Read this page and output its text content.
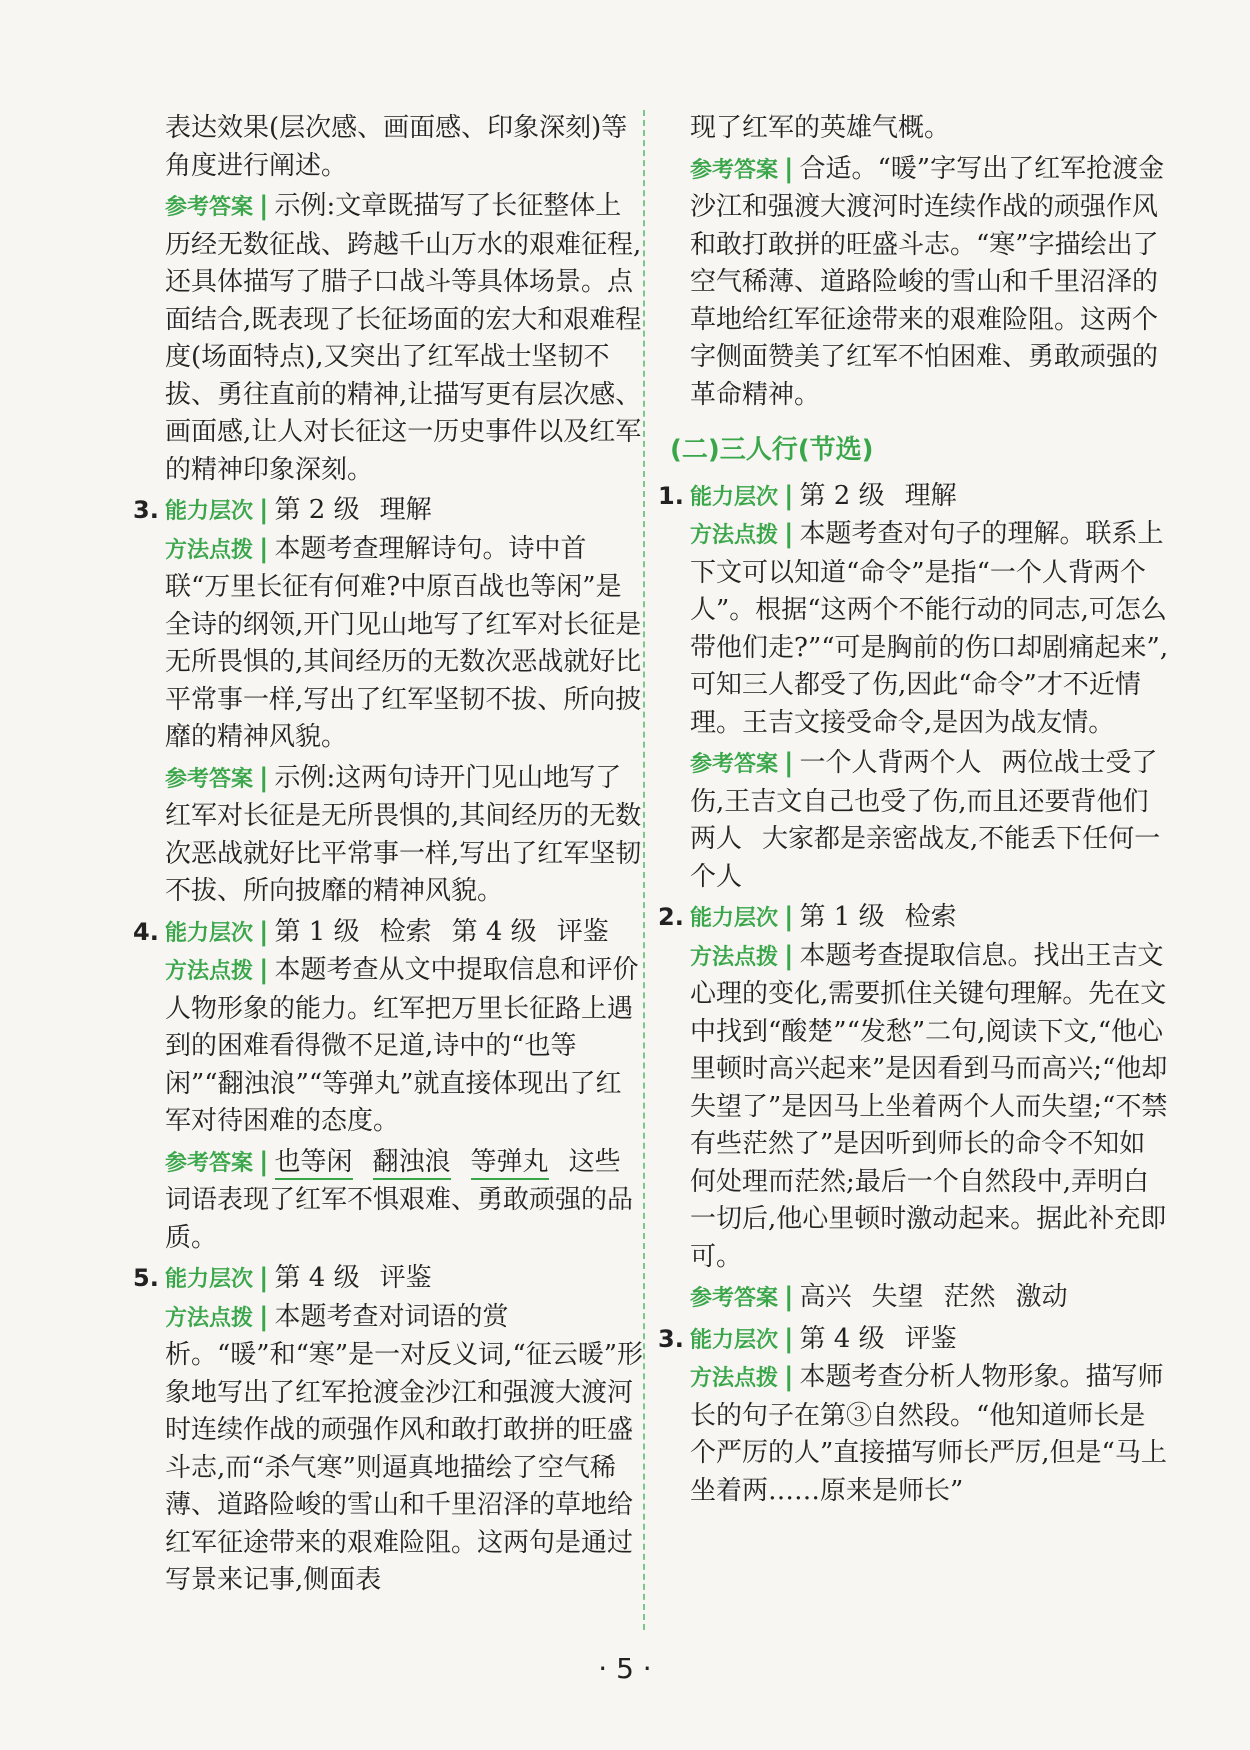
表达效果(层次感、画面感、印象深刻)等角度进行阐述。

参考答案 | 示例:文章既描写了长征整体上历经无数征战、跨越千山万水的艰难征程,还具体描写了腊子口战斗等具体场景。点面结合,既表现了长征场面的宏大和艰难程度(场面特点),又突出了红军战士坚韧不拔、勇往直前的精神,让描写更有层次感、画面感,让人对长征这一历史事件以及红军的精神印象深刻。

3. 能力层次 | 第 2 级 理解

方法点拨 | 本题考查理解诗句。诗中首联“万里长征有何难?中原百战也等闲”是全诗的纲领,开门见山地写了红军对长征是无所畏惧的,其间经历的无数次恶战就好比平常事一样,写出了红军坚韧不拔、所向披靡的精神风貌。

参考答案 | 示例:这两句诗开门见山地写了红军对长征是无所畏惧的,其间经历的无数次恶战就好比平常事一样,写出了红军坚韧不拔、所向披靡的精神风貌。

4. 能力层次 | 第 1 级 检索 第 4 级 评鉴

方法点拨 | 本题考查从文中提取信息和评价人物形象的能力。红军把万里长征路上遇到的困难看得微不足道,诗中的“也等闲”“翻浊浪”“等弹丸”就直接体现出了红军对待困难的态度。

参考答案 | 也等闲 翻浊浪 等弹丸 这些词语表现了红军不惧艰难、勇敢顽强的品质。

5. 能力层次 | 第 4 级 评鉴

方法点拨 | 本题考查对词语的赏析。“暖”和“寒”是一对反义词,“征云暖”形象地写出了红军抢渡金沙江和强渡大渡河时连续作战的顽强作风和敢打敢拼的旺盛斗志,而“杀气寒”则逼真地描绘了空气稀薄、道路险峻的雪山和千里沼泽的草地给红军征途带来的艰难险阻。这两句是通过写景来记事,侧面表

现了红军的英雄气概。

参考答案 | 合适。“暖”字写出了红军抢渡金沙江和强渡大渡河时连续作战的顽强作风和敢打敢拼的旺盛斗志。“寒”字描绘出了空气稀薄、道路险峻的雪山和千里沼泽的草地给红军征途带来的艰难险阻。这两个字侧面赞美了红军不怕困难、勇敢顽强的革命精神。

(二)三人行(节选)
1. 能力层次 | 第 2 级 理解

方法点拨 | 本题考查对句子的理解。联系上下文可以知道“命令”是指“一个人背两个人”。根据“这两个不能行动的同志,可怎么带他们走?”“可是胸前的伤口却剧痛起来”,可知三人都受了伤,因此“命令”才不近情理。王吉文接受命令,是因为战友情。

参考答案 | 一个人背两个人 两位战士受了伤,王吉文自己也受了伤,而且还要背他们两人 大家都是亲密战友,不能丢下任何一个人

2. 能力层次 | 第 1 级 检索

方法点拨 | 本题考查提取信息。找出王吉文心理的变化,需要抓住关键句理解。先在文中找到“酸楚”“发愁”二句,阅读下文,“他心里顿时高兴起来”是因看到马而高兴;“他却失望了”是因马上坐着两个人而失望;“不禁有些茫然了”是因听到师长的命令不知如何处理而茫然;最后一个自然段中,弄明白一切后,他心里顿时激动起来。据此补充即可。

参考答案 | 高兴 失望 茫然 激动

3. 能力层次 | 第 4 级 评鉴

方法点拨 | 本题考查分析人物形象。描写师长的句子在第③自然段。“他知道师长是个严厉的人”直接描写师长严厉,但是“马上坐着两……原来是师长”

· 5 ·
